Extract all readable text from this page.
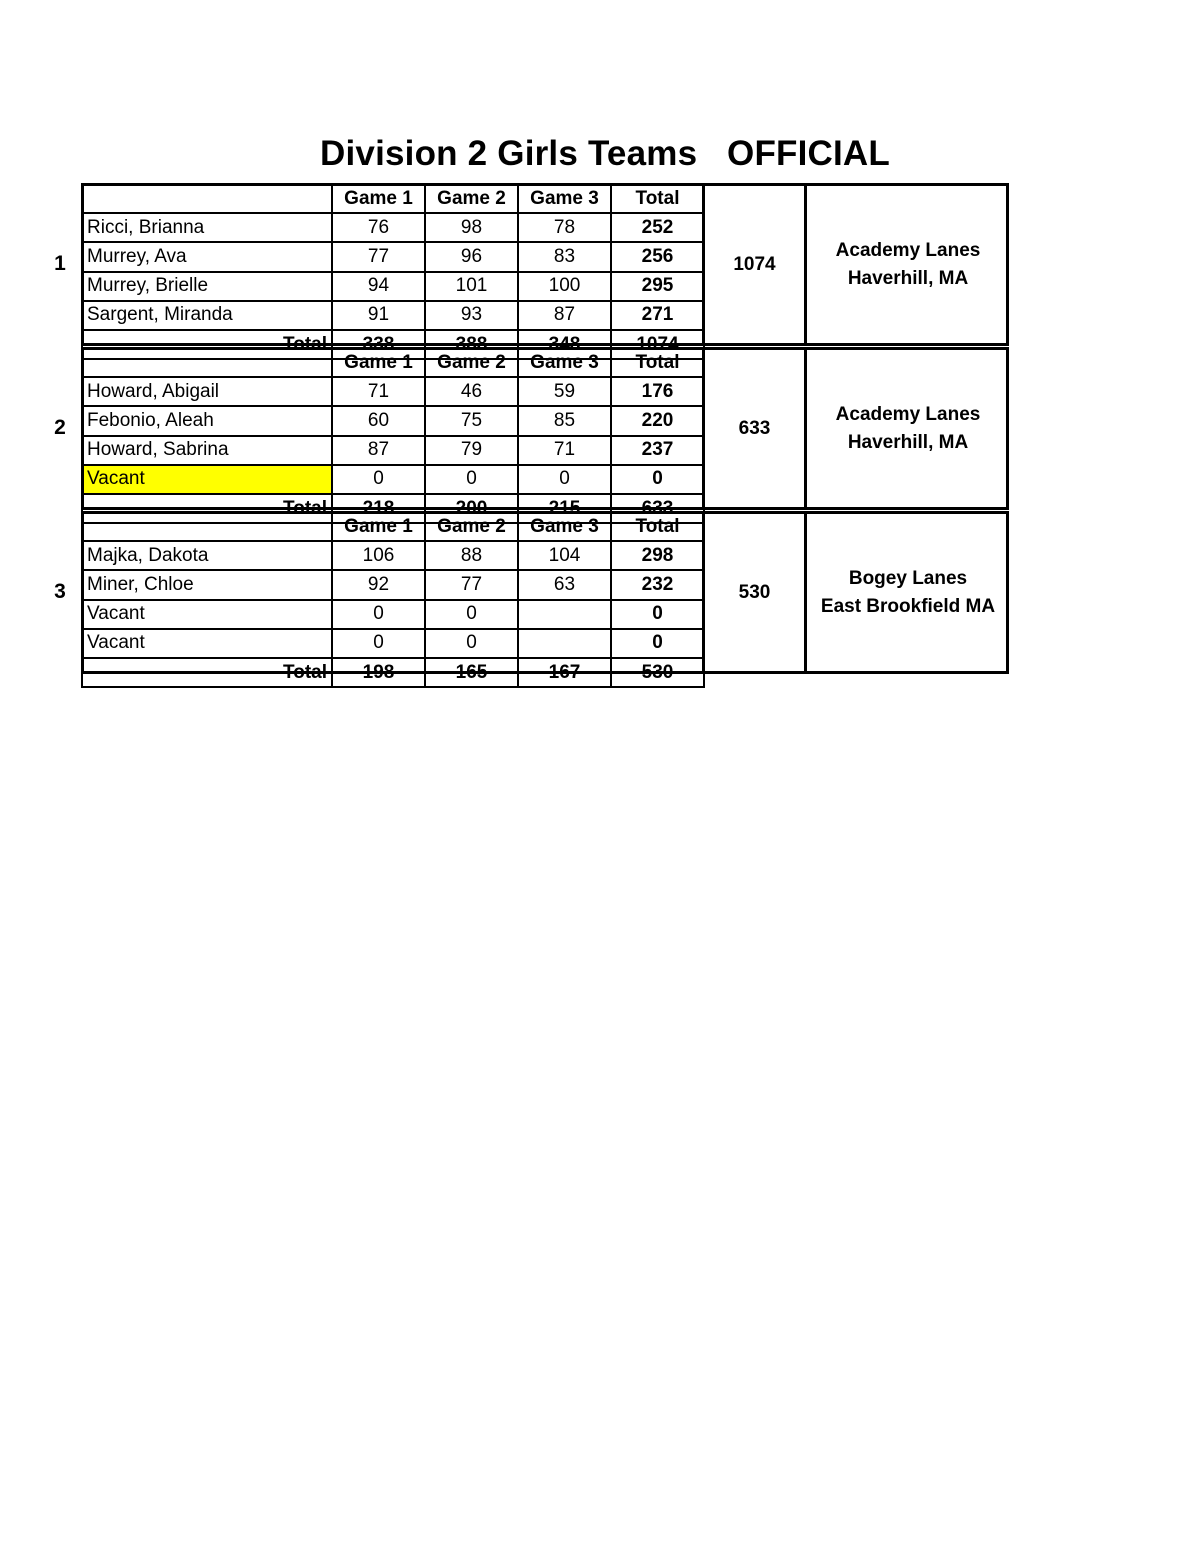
Division 2 Girls Teams   OFFICIAL
1
	Game 1	Game 2	Game 3	Total
Ricci, Brianna	76	98	78	252
Murrey, Ava	77	96	83	256
Murrey, Brielle	94	101	100	295
Sargent, Miranda	91	93	87	271
Total	338	388	348	1074
1074
Academy Lanes
Haverhill, MA
2
	Game 1	Game 2	Game 3	Total
Howard, Abigail	71	46	59	176
Febonio, Aleah	60	75	85	220
Howard, Sabrina	87	79	71	237
Vacant	0	0	0	0
Total	218	200	215	633
633
Academy Lanes
Haverhill, MA
3
	Game 1	Game 2	Game 3	Total
Majka, Dakota	106	88	104	298
Miner, Chloe	92	77	63	232
Vacant	0	0		0
Vacant	0	0		0
Total	198	165	167	530
530
Bogey Lanes
East Brookfield MA
